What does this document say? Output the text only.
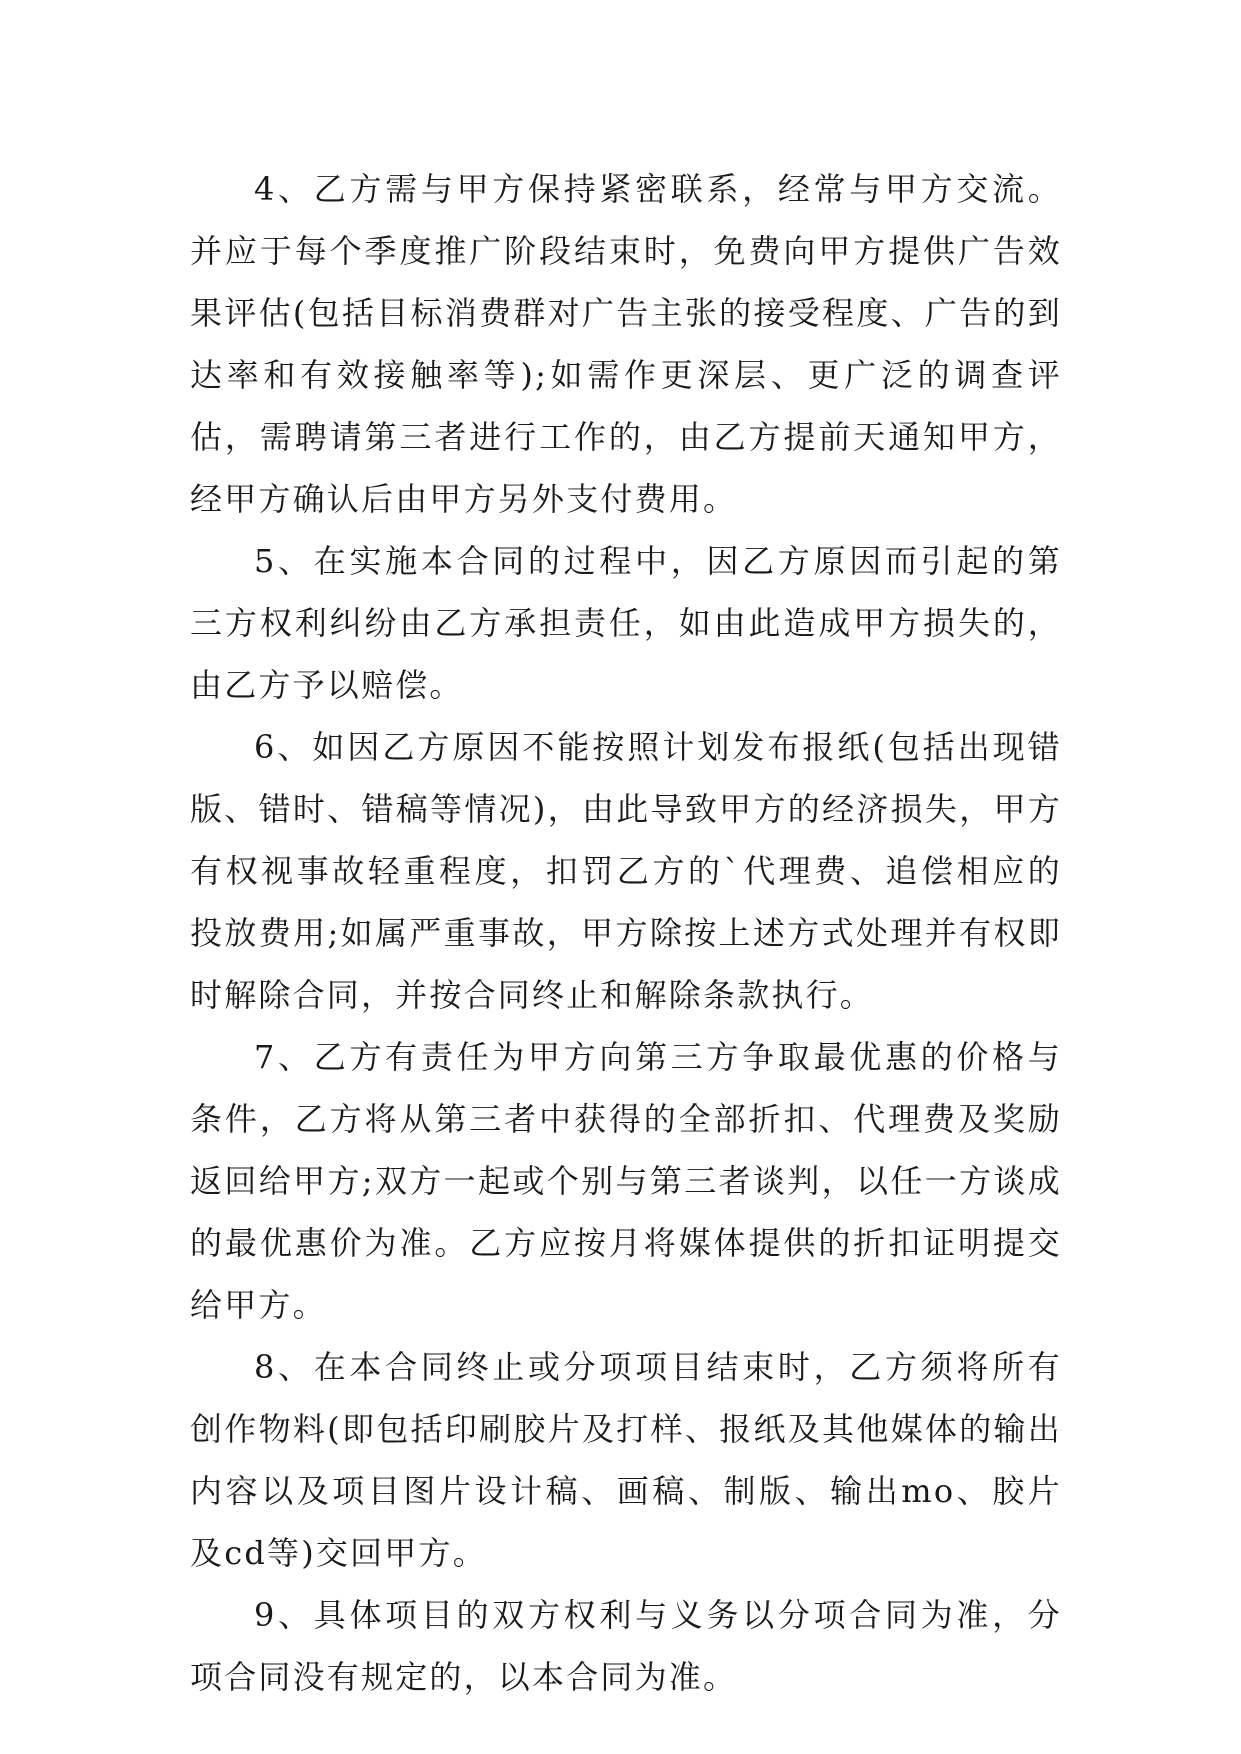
4、乙方需与甲方保持紧密联系，经常与甲方交流。并应于每个季度推广阶段结束时，免费向甲方提供广告效果评估(包括目标消费群对广告主张的接受程度、广告的到达率和有效接触率等);如需作更深层、更广泛的调查评估，需聘请第三者进行工作的，由乙方提前天通知甲方，经甲方确认后由甲方另外支付费用。

5、在实施本合同的过程中，因乙方原因而引起的第三方权利纠纷由乙方承担责任，如由此造成甲方损失的，由乙方予以赔偿。

6、如因乙方原因不能按照计划发布报纸(包括出现错版、错时、错稿等情况)，由此导致甲方的经济损失，甲方有权视事故轻重程度，扣罚乙方的`代理费、追偿相应的投放费用;如属严重事故，甲方除按上述方式处理并有权即时解除合同，并按合同终止和解除条款执行。

7、乙方有责任为甲方向第三方争取最优惠的价格与条件，乙方将从第三者中获得的全部折扣、代理费及奖励返回给甲方;双方一起或个别与第三者谈判，以任一方谈成的最优惠价为准。乙方应按月将媒体提供的折扣证明提交给甲方。

8、在本合同终止或分项项目结束时，乙方须将所有创作物料(即包括印刷胶片及打样、报纸及其他媒体的输出内容以及项目图片设计稿、画稿、制版、输出mo、胶片及cd等)交回甲方。

9、具体项目的双方权利与义务以分项合同为准，分项合同没有规定的，以本合同为准。
